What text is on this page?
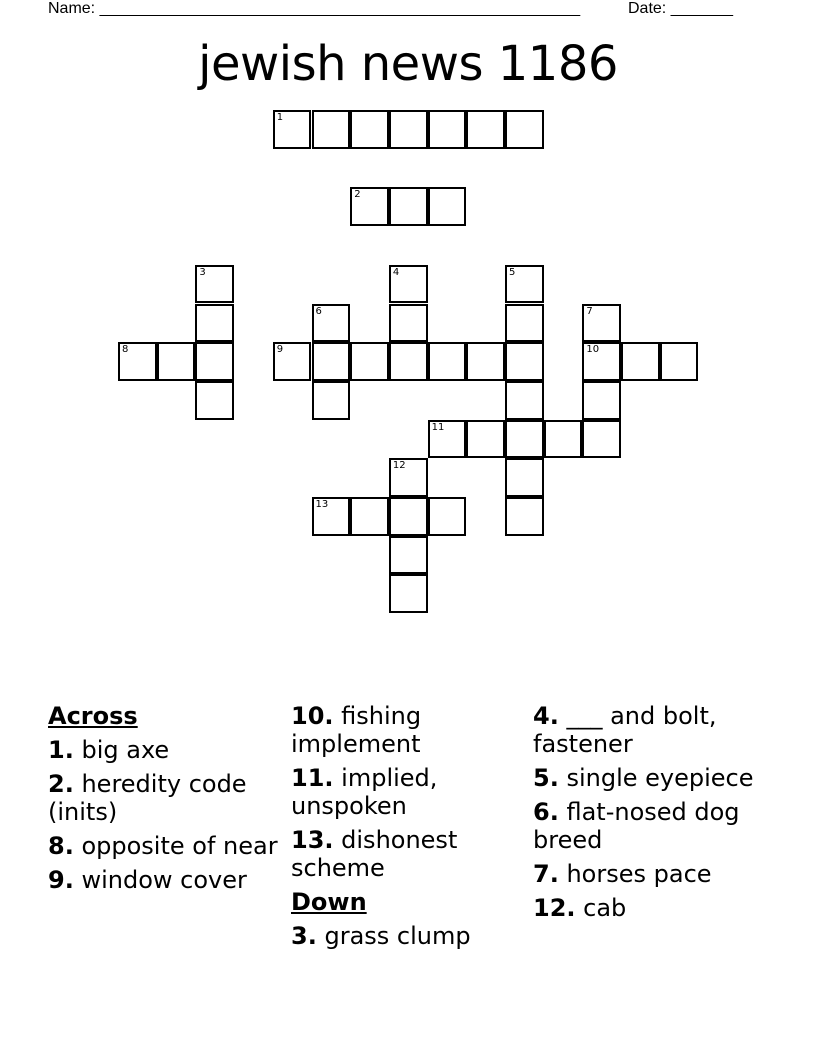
Name: ______________________________________________________	Date: _______
jewish news 1186
1
2
3	4	5
6	7
10
8	9
11
12
13
Across
1. big axe
2. heredity code (inits)
8. opposite of near
9. window cover
10. fishing implement
11. implied, unspoken
13. dishonest scheme
Down
3. grass clump
4. ___ and bolt, fastener
5. single eyepiece
6. flat-nosed dog breed
7. horses pace
12. cab
